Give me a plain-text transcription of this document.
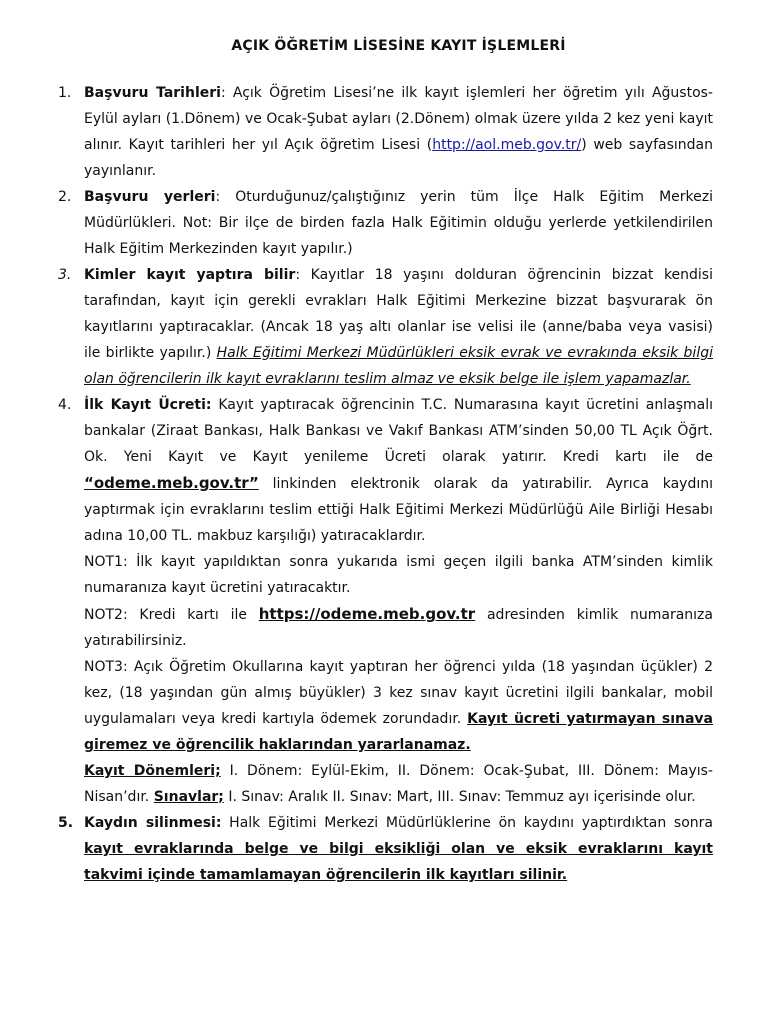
AÇIK ÖĞRETİM LİSESİNE KAYIT İŞLEMLERİ
1. Başvuru Tarihleri: Açık Öğretim Lisesi’ne ilk kayıt işlemleri her öğretim yılı Ağustos-Eylül ayları (1.Dönem) ve Ocak-Şubat ayları (2.Dönem) olmak üzere yılda 2 kez yeni kayıt alınır. Kayıt tarihleri her yıl Açık öğretim Lisesi (http://aol.meb.gov.tr/) web sayfasından yayınlanır.

2. Başvuru yerleri: Oturduğunuz/çalıştığınız yerin tüm İlçe Halk Eğitim Merkezi Müdürlükleri. Not: Bir ilçe de birden fazla Halk Eğitimin olduğu yerlerde yetkilendirilen Halk Eğitim Merkezinden kayıt yapılır.)

3. Kimler kayıt yaptıra bilir: Kayıtlar 18 yaşını dolduran öğrencinin bizzat kendisi tarafından, kayıt için gerekli evrakları Halk Eğitimi Merkezine bizzat başvurarak ön kayıtlarını yaptıracaklar. (Ancak 18 yaş altı olanlar ise velisi ile (anne/baba veya vasisi) ile birlikte yapılır.) Halk Eğitimi Merkezi Müdürlükleri eksik evrak ve evrakında eksik bilgi olan öğrencilerin ilk kayıt evraklarını teslim almaz ve eksik belge ile işlem yapamazlar.

4. İlk Kayıt Ücreti: Kayıt yaptıracak öğrencinin T.C. Numarasına kayıt ücretini anlaşmalı bankalar (Ziraat Bankası, Halk Bankası ve Vakıf Bankası ATM’sinden 50,00 TL Açık Öğrt. Ok. Yeni Kayıt ve Kayıt yenileme Ücreti olarak yatırır. Kredi kartı ile de “odeme.meb.gov.tr” linkinden elektronik olarak da yatırabilir. Ayrıca kaydını yaptırmak için evraklarını teslim ettiği Halk Eğitimi Merkezi Müdürlüğü Aile Birliği Hesabı adına 10,00 TL. makbuz karşılığı) yatıracaklardır.

NOT1: İlk kayıt yapıldıktan sonra yukarıda ismi geçen ilgili banka ATM’sinden kimlik numaranıza kayıt ücretini yatıracaktır.

NOT2: Kredi kartı ile https://odeme.meb.gov.tr adresinden kimlik numaranıza yatırabilirsiniz.

NOT3: Açık Öğretim Okullarına kayıt yaptıran her öğrenci yılda (18 yaşından üçükler) 2 kez, (18 yaşından gün almış büyükler) 3 kez sınav kayıt ücretini ilgili bankalar, mobil uygulamaları veya kredi kartıyla ödemek zorundadır. Kayıt ücreti yatırmayan sınava giremez ve öğrencilik haklarından yararlanamaz.

Kayıt Dönemleri; I. Dönem: Eylül-Ekim, II. Dönem: Ocak-Şubat, III. Dönem: Mayıs-Nisan’dır. Sınavlar; I. Sınav: Aralık II. Sınav: Mart, III. Sınav: Temmuz ayı içerisinde olur.

5. Kaydın silinmesi: Halk Eğitimi Merkezi Müdürlüklerine ön kaydını yaptırdıktan sonra kayıt evraklarında belge ve bilgi eksikliği olan ve eksik evraklarını kayıt takvimi içinde tamamlamayan öğrencilerin ilk kayıtları silinir.
